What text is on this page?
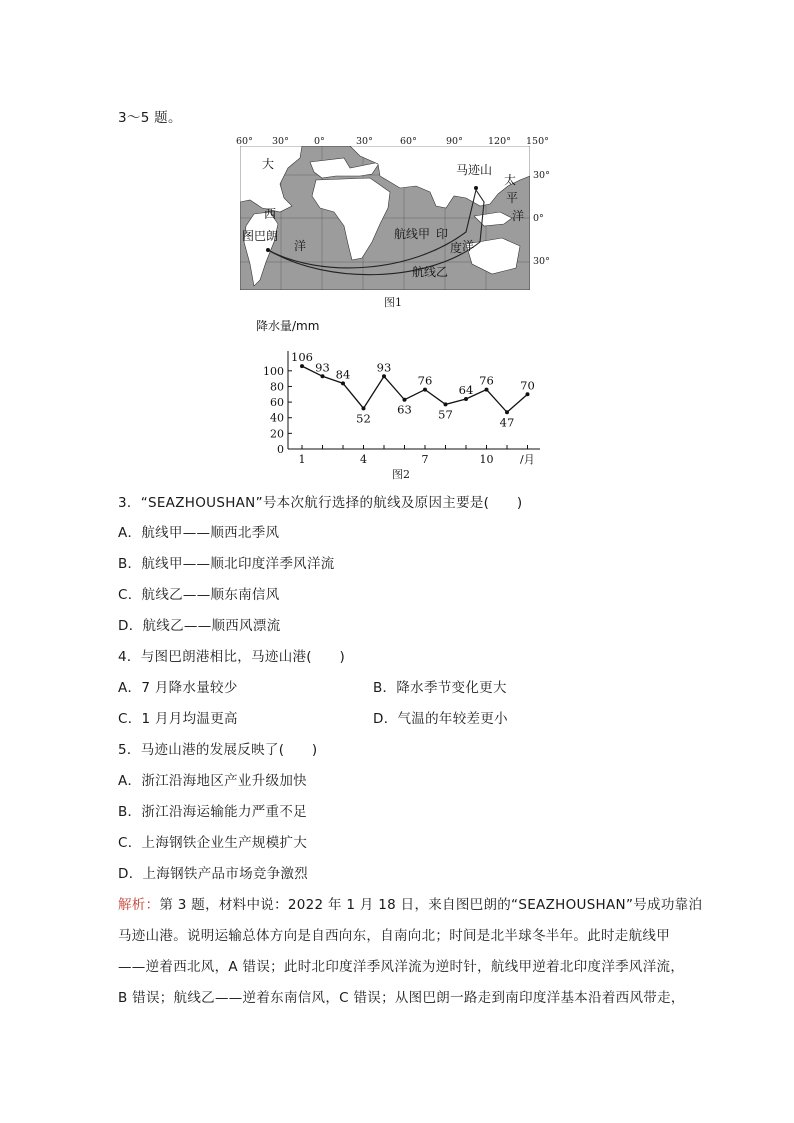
3～5 题。
大
西
洋
图巴朗
马迹山
太
平
洋
航线甲 印
度 洋
航线乙
60° 30°	0°	30°	60°	90°	120° 150°
30°
0°
30°
图1
降水量/mm
0
20
40
60
80
100
1	4	7	10 /月
106
93
84
52
93
63
76
57
64
76
47
70
图2
3．“SEAZHOUSHAN”号本次航行选择的航线及原因主要是(　　)
A．航线甲——顺西北季风
B．航线甲——顺北印度洋季风洋流
C．航线乙——顺东南信风
D．航线乙——顺西风漂流
4．与图巴朗港相比，马迹山港(　　)
A．7 月降水量较少	B．降水季节变化更大
C．1 月月均温更高	D．气温的年较差更小
5．马迹山港的发展反映了(　　)
A．浙江沿海地区产业升级加快
B．浙江沿海运输能力严重不足
C．上海钢铁企业生产规模扩大
D．上海钢铁产品市场竞争激烈
解析：第 3 题，材料中说：2022 年 1 月 18 日，来自图巴朗的“SEAZHOUSHAN”号成功靠泊
马迹山港。说明运输总体方向是自西向东，自南向北；时间是北半球冬半年。此时走航线甲
——逆着西北风，A 错误；此时北印度洋季风洋流为逆时针，航线甲逆着北印度洋季风洋流，
B 错误；航线乙——逆着东南信风，C 错误；从图巴朗一路走到南印度洋基本沿着西风带走，
